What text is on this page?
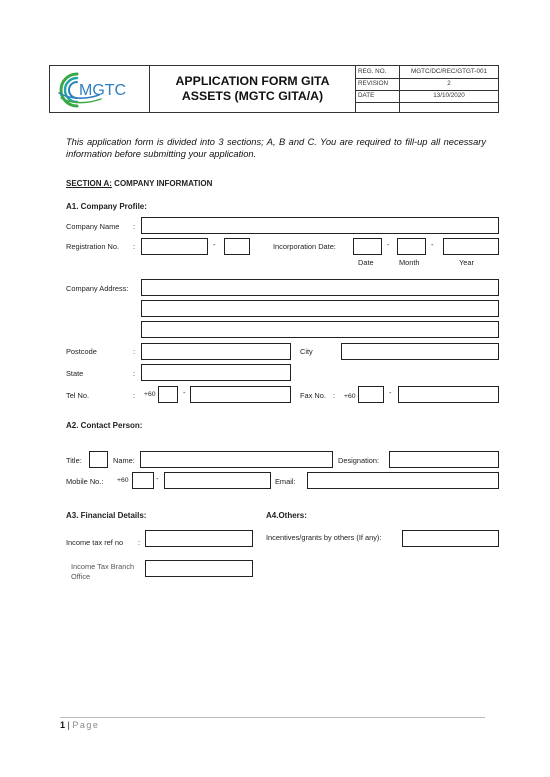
MGTC
APPLICATION FORM GITA
ASSETS (MGTC GITA/A)
REG. NO.	MGTC/DC/REC/GTGT-001
REVISION	2
DATE	13/10/2020
This application form is divided into 3 sections; A, B and C. You are required to fill-up all necessary information before submitting your application.
SECTION A: COMPANY INFORMATION
A1. Company Profile:
Company Name :
Registration No. :	-	Incorporation Date:	-	-
Date	Month	Year
Company Address:
Postcode	:	City
State	:
Tel No.	: +60	-	Fax No. : +60	-
A2. Contact Person:
Title:	Name:	Designation:
Mobile No.: +60	-	Email:
A3. Financial Details:	A4.Others:
Income tax ref no :
Incentives/grants by others (If any):
Income Tax Branch
Office
1 | Page
